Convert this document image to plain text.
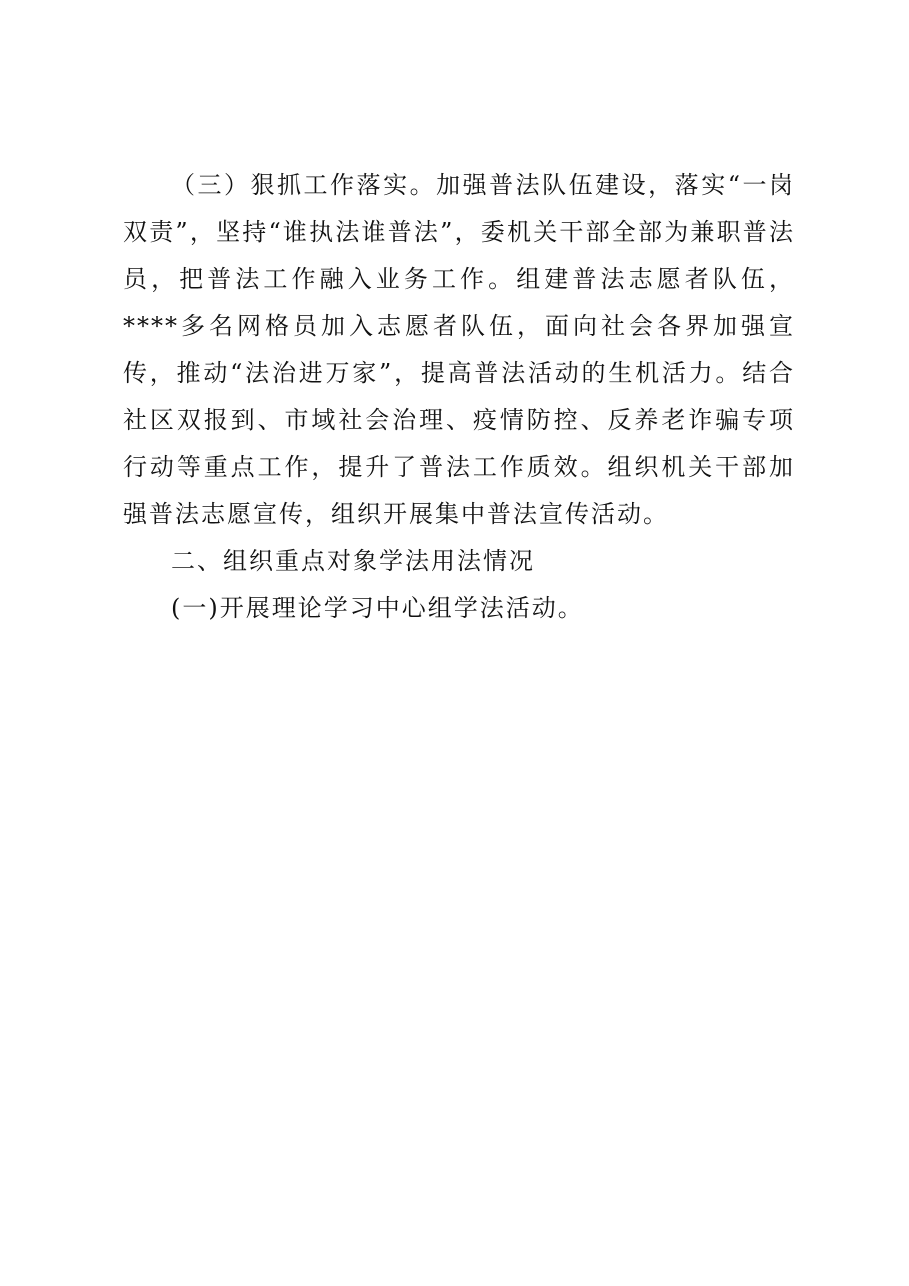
（三）狠抓工作落实。加强普法队伍建设，落实“一岗双责”，坚持“谁执法谁普法”，委机关干部全部为兼职普法员，把普法工作融入业务工作。组建普法志愿者队伍，****多名网格员加入志愿者队伍，面向社会各界加强宣传，推动“法治进万家”，提高普法活动的生机活力。结合社区双报到、市域社会治理、疫情防控、反养老诈骗专项行动等重点工作，提升了普法工作质效。组织机关干部加强普法志愿宣传，组织开展集中普法宣传活动。

二、组织重点对象学法用法情况

(一)开展理论学习中心组学法活动。
